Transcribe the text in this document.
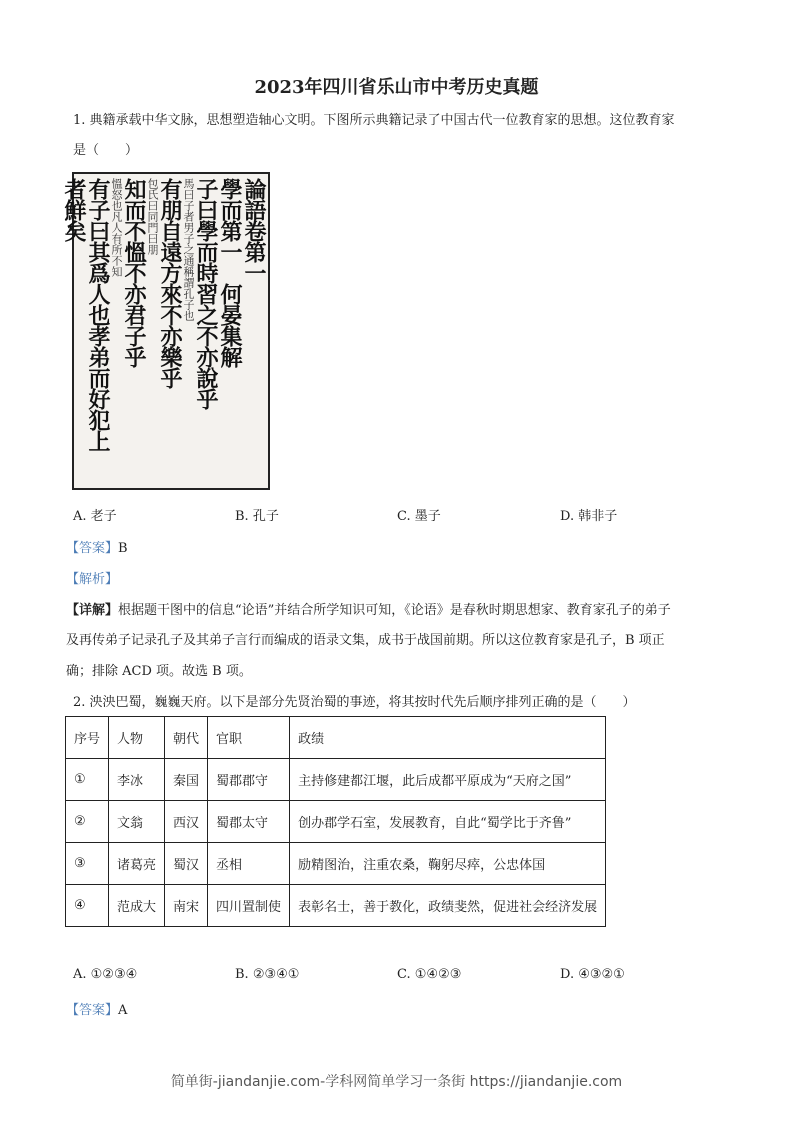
2023年四川省乐山市中考历史真题
1. 典籍承载中华文脉，思想塑造轴心文明。下图所示典籍记录了中国古代一位教育家的思想。这位教育家
是（　　）
論語卷第一
學而第一　何晏集解
子曰學而時習之不亦說乎
馬曰子者男子之通稱謂孔子也
有朋自遠方來不亦樂乎
包氏曰同門曰朋
知而不慍不亦君子乎
慍怒也凡人有所不知
有子曰其爲人也孝弟而好犯上
者鮮矣
A. 老子	B. 孔子	C. 墨子	D. 韩非子
【答案】B
【解析】
【详解】根据题干图中的信息“论语”并结合所学知识可知，《论语》是春秋时期思想家、教育家孔子的弟子
及再传弟子记录孔子及其弟子言行而编成的语录文集，成书于战国前期。所以这位教育家是孔子，B 项正
确；排除 ACD 项。故选 B 项。
2. 泱泱巴蜀，巍巍天府。以下是部分先贤治蜀的事迹，将其按时代先后顺序排列正确的是（　　）
序号	人物	朝代	官职	政绩
①	李冰	秦国	蜀郡郡守	主持修建都江堰，此后成都平原成为“天府之国”
②	文翁	西汉	蜀郡太守	创办郡学石室，发展教育，自此“蜀学比于齐鲁”
③	诸葛亮	蜀汉	丞相	励精图治，注重农桑，鞠躬尽瘁，公忠体国
④	范成大	南宋	四川置制使	表彰名士，善于教化，政绩斐然，促进社会经济发展
A. ①②③④	B. ②③④①	C. ①④②③	D. ④③②①
【答案】A
简单街-jiandanjie.com-学科网简单学习一条街 https://jiandanjie.com
